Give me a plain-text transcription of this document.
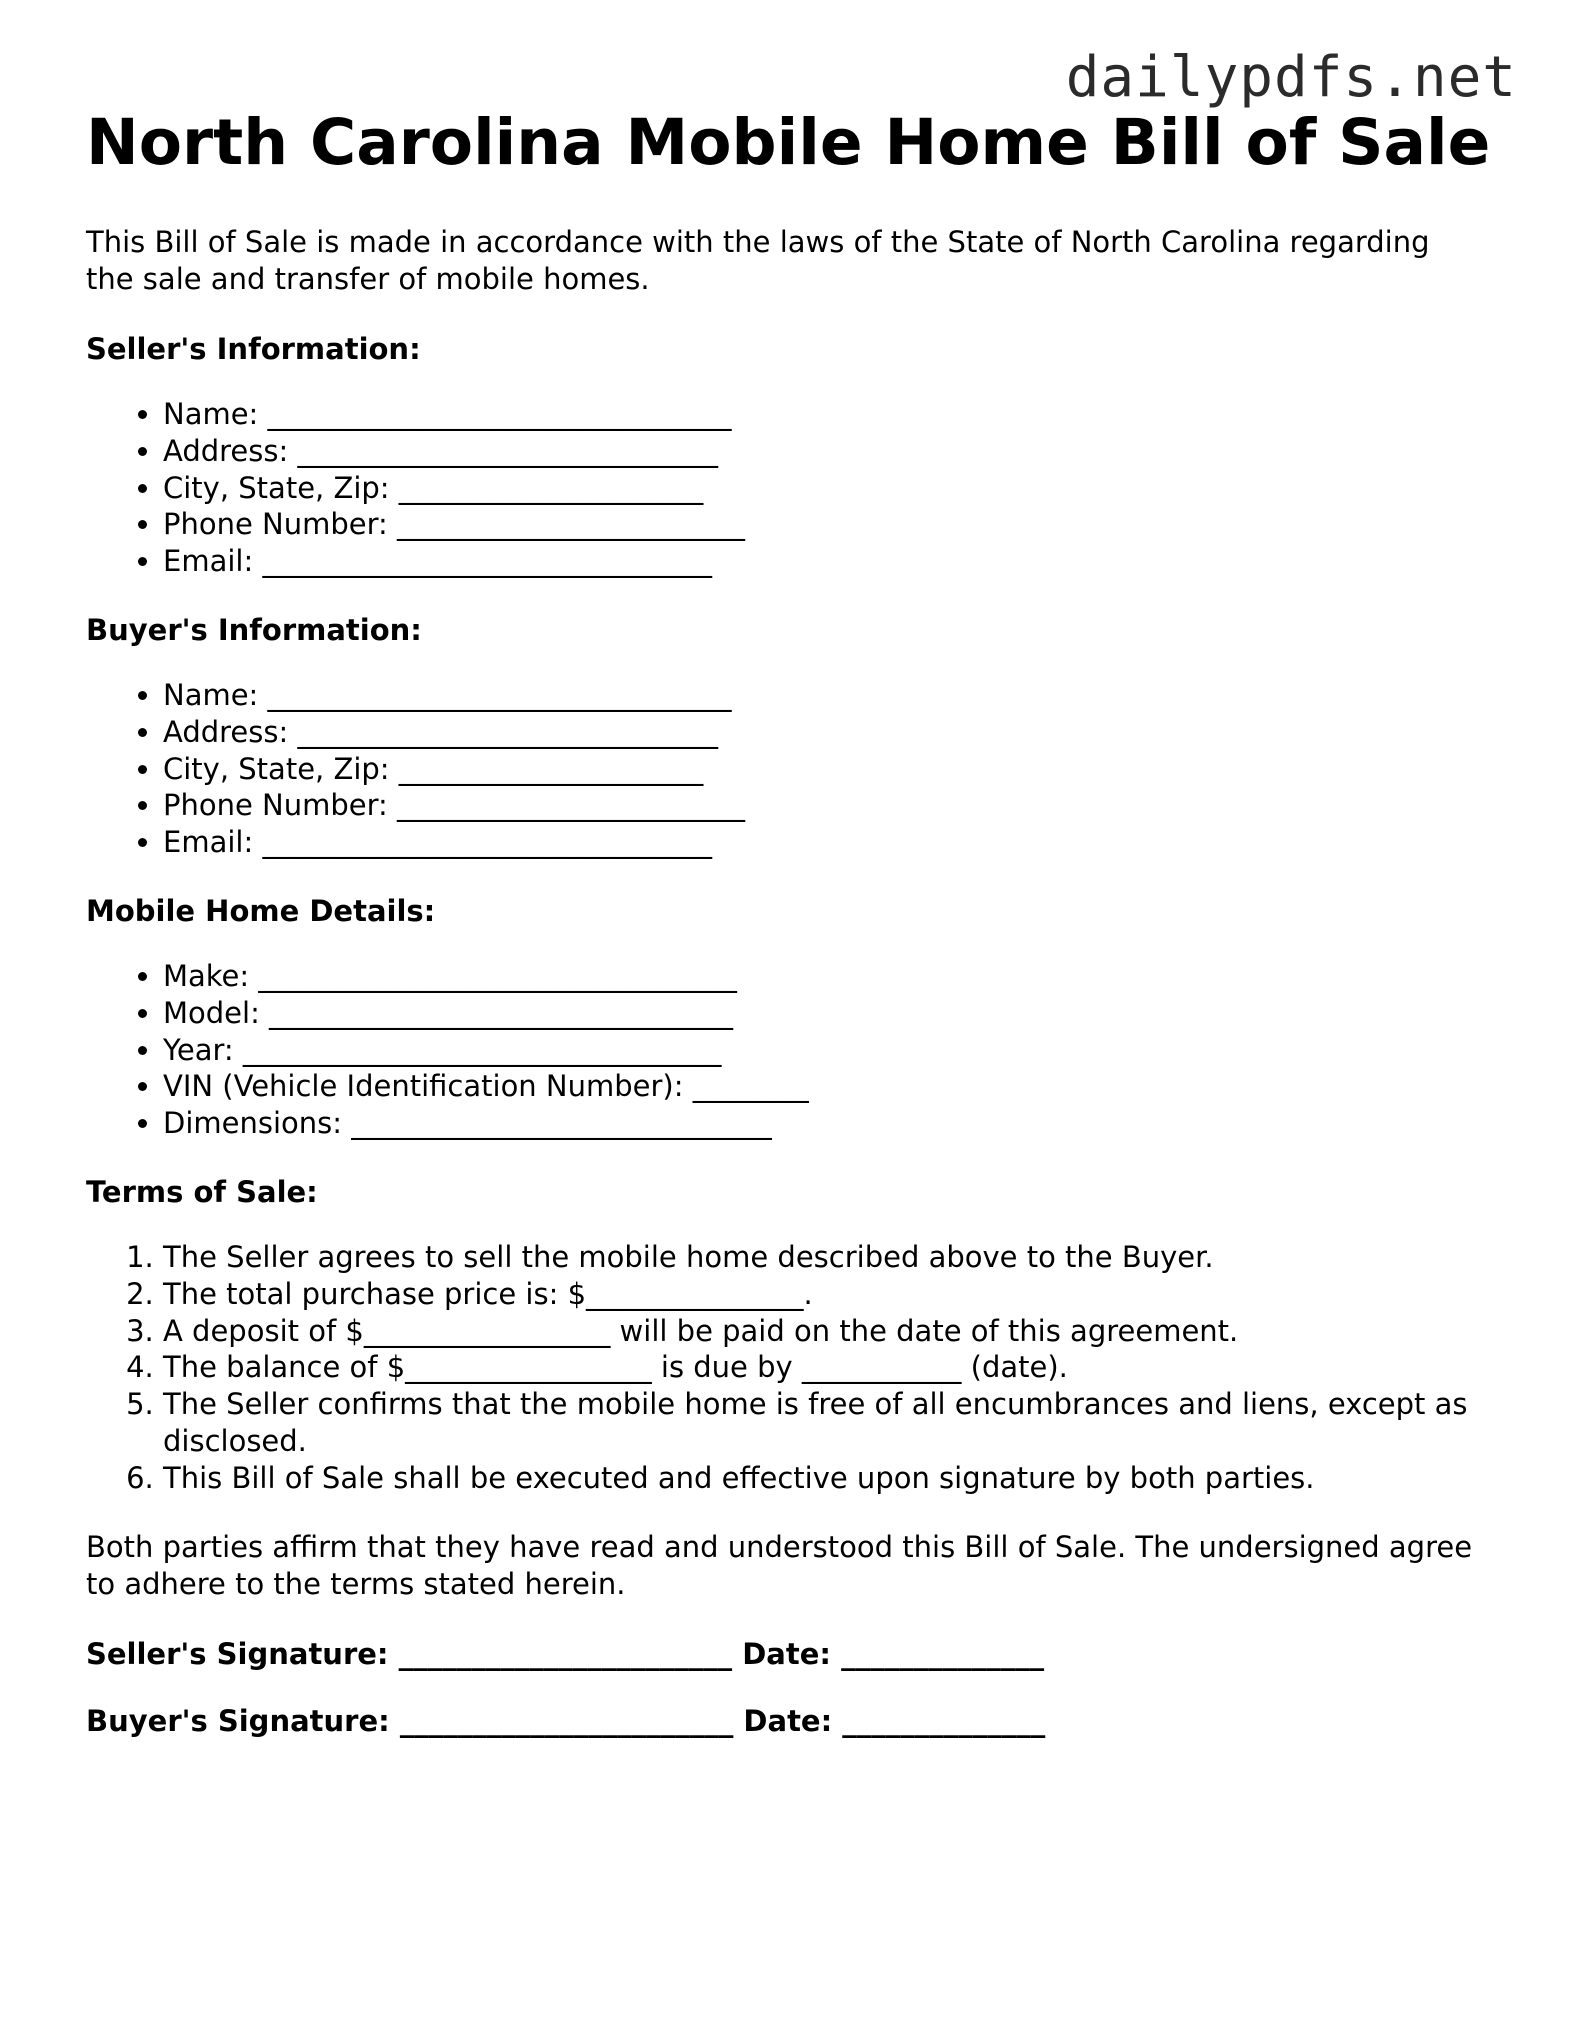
dailypdfs.net
North Carolina Mobile Home Bill of Sale

This Bill of Sale is made in accordance with the laws of the State of North Carolina regarding the sale and transfer of mobile homes.

Seller's Information:

• Name: ________________________________
• Address: _____________________________
• City, State, Zip: _____________________
• Phone Number: ________________________
• Email: _______________________________

Buyer's Information:

• Name: ________________________________
• Address: _____________________________
• City, State, Zip: _____________________
• Phone Number: ________________________
• Email: _______________________________

Mobile Home Details:

• Make: _________________________________
• Model: ________________________________
• Year: _________________________________
• VIN (Vehicle Identification Number): ________
• Dimensions: _____________________________

Terms of Sale:

1. The Seller agrees to sell the mobile home described above to the Buyer.
2. The total purchase price is: $_______________.
3. A deposit of $_________________ will be paid on the date of this agreement.
4. The balance of $_________________ is due by ___________ (date).
5. The Seller confirms that the mobile home is free of all encumbrances and liens, except as disclosed.
6. This Bill of Sale shall be executed and effective upon signature by both parties.

Both parties affirm that they have read and understood this Bill of Sale. The undersigned agree to adhere to the terms stated herein.

Seller's Signature: _______________________ Date: ______________

Buyer's Signature: _______________________ Date: ______________
